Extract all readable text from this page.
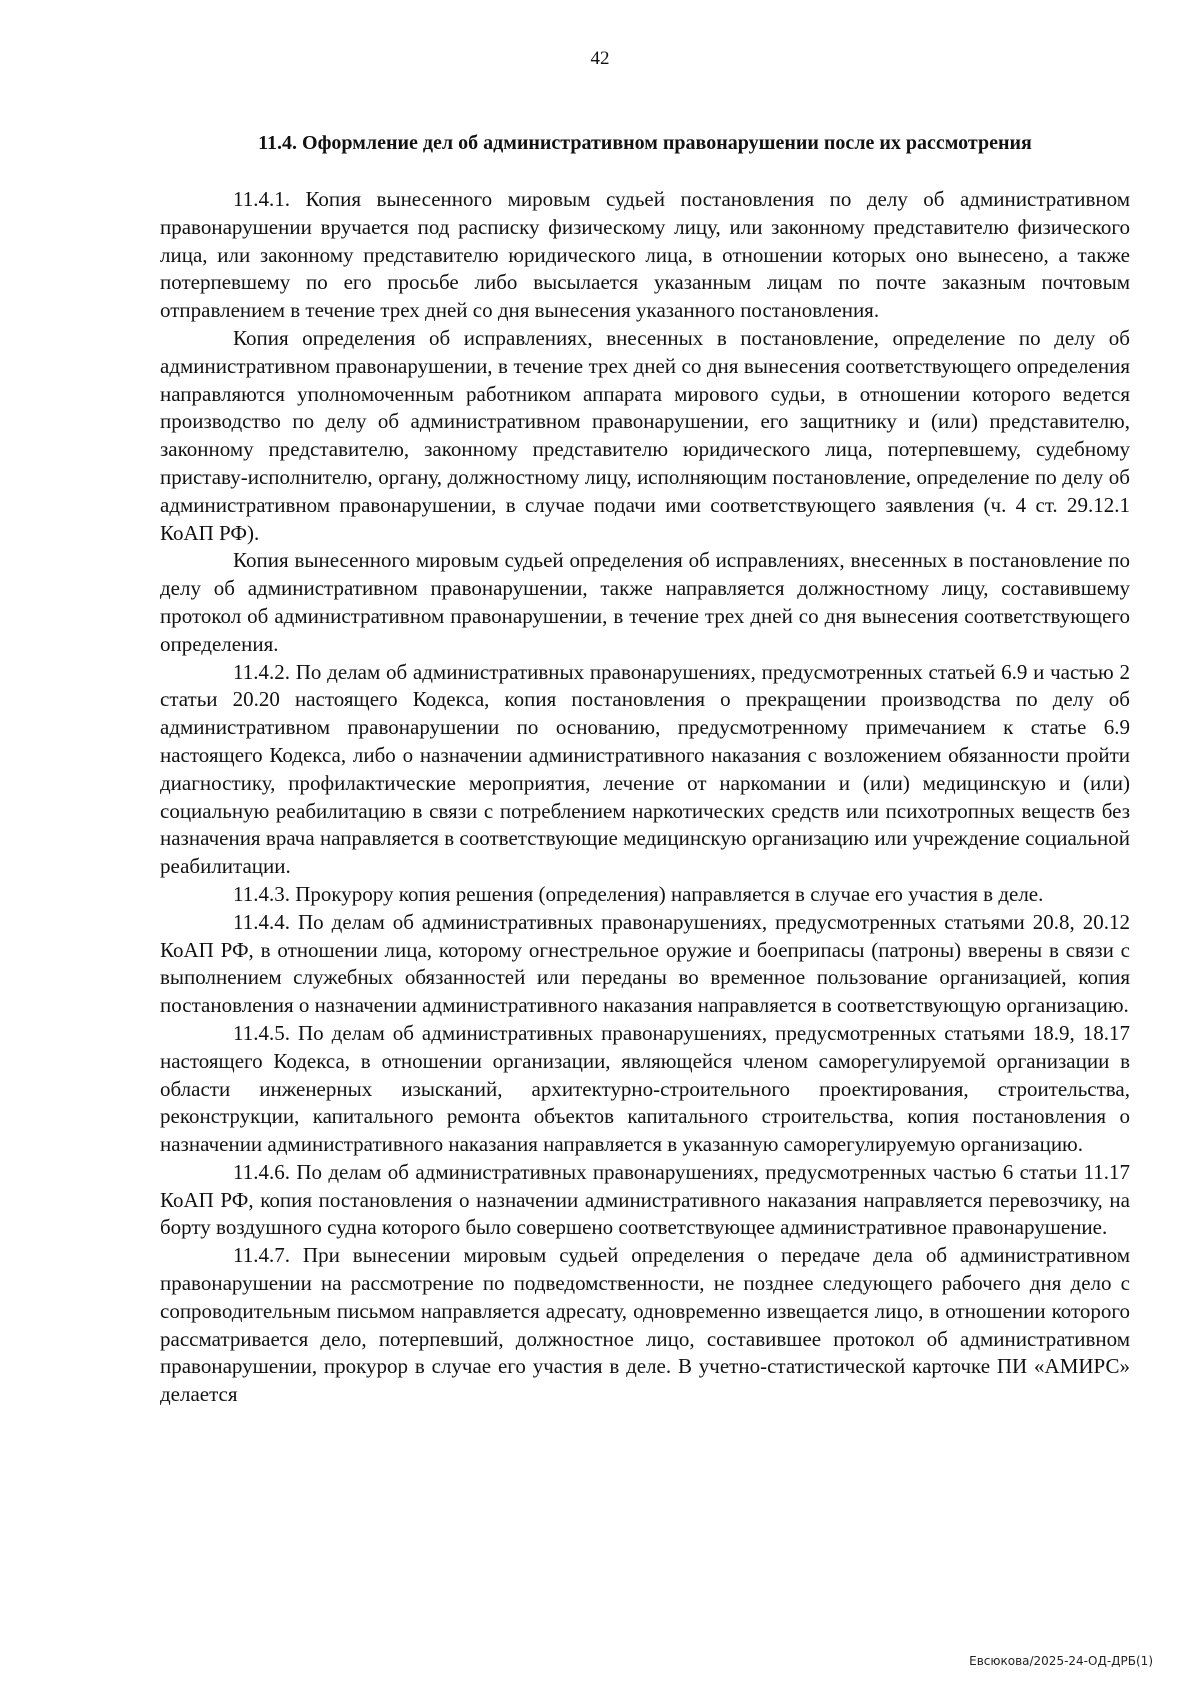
42
11.4. Оформление дел об административном правонарушении после их рассмотрения

11.4.1. Копия вынесенного мировым судьей постановления по делу об административном правонарушении вручается под расписку физическому лицу, или законному представителю физического лица, или законному представителю юридического лица, в отношении которых оно вынесено, а также потерпевшему по его просьбе либо высылается указанным лицам по почте заказным почтовым отправлением в течение трех дней со дня вынесения указанного постановления.

Копия определения об исправлениях, внесенных в постановление, определение по делу об административном правонарушении, в течение трех дней со дня вынесения соответствующего определения направляются уполномоченным работником аппарата мирового судьи, в отношении которого ведется производство по делу об административном правонарушении, его защитнику и (или) представителю, законному представителю, законному представителю юридического лица, потерпевшему, судебному приставу-исполнителю, органу, должностному лицу, исполняющим постановление, определение по делу об административном правонарушении, в случае подачи ими соответствующего заявления (ч. 4 ст. 29.12.1 КоАП РФ).

Копия вынесенного мировым судьей определения об исправлениях, внесенных в постановление по делу об административном правонарушении, также направляется должностному лицу, составившему протокол об административном правонарушении, в течение трех дней со дня вынесения соответствующего определения.

11.4.2. По делам об административных правонарушениях, предусмотренных статьей 6.9 и частью 2 статьи 20.20 настоящего Кодекса, копия постановления о прекращении производства по делу об административном правонарушении по основанию, предусмотренному примечанием к статье 6.9 настоящего Кодекса, либо о назначении административного наказания с возложением обязанности пройти диагностику, профилактические мероприятия, лечение от наркомании и (или) медицинскую и (или) социальную реабилитацию в связи с потреблением наркотических средств или психотропных веществ без назначения врача направляется в соответствующие медицинскую организацию или учреждение социальной реабилитации.

11.4.3. Прокурору копия решения (определения) направляется в случае его участия в деле.

11.4.4. По делам об административных правонарушениях, предусмотренных статьями 20.8, 20.12 КоАП РФ, в отношении лица, которому огнестрельное оружие и боеприпасы (патроны) вверены в связи с выполнением служебных обязанностей или переданы во временное пользование организацией, копия постановления о назначении административного наказания направляется в соответствующую организацию.

11.4.5. По делам об административных правонарушениях, предусмотренных статьями 18.9, 18.17 настоящего Кодекса, в отношении организации, являющейся членом саморегулируемой организации в области инженерных изысканий, архитектурно-строительного проектирования, строительства, реконструкции, капитального ремонта объектов капитального строительства, копия постановления о назначении административного наказания направляется в указанную саморегулируемую организацию.

11.4.6. По делам об административных правонарушениях, предусмотренных частью 6 статьи 11.17 КоАП РФ, копия постановления о назначении административного наказания направляется перевозчику, на борту воздушного судна которого было совершено соответствующее административное правонарушение.

11.4.7. При вынесении мировым судьей определения о передаче дела об административном правонарушении на рассмотрение по подведомственности, не позднее следующего рабочего дня дело с сопроводительным письмом направляется адресату, одновременно извещается лицо, в отношении которого рассматривается дело, потерпевший, должностное лицо, составившее протокол об административном правонарушении, прокурор в случае его участия в деле. В учетно-статистической карточке ПИ «АМИРС» делается

Евсюкова/2025-24-ОД-ДРБ(1)
